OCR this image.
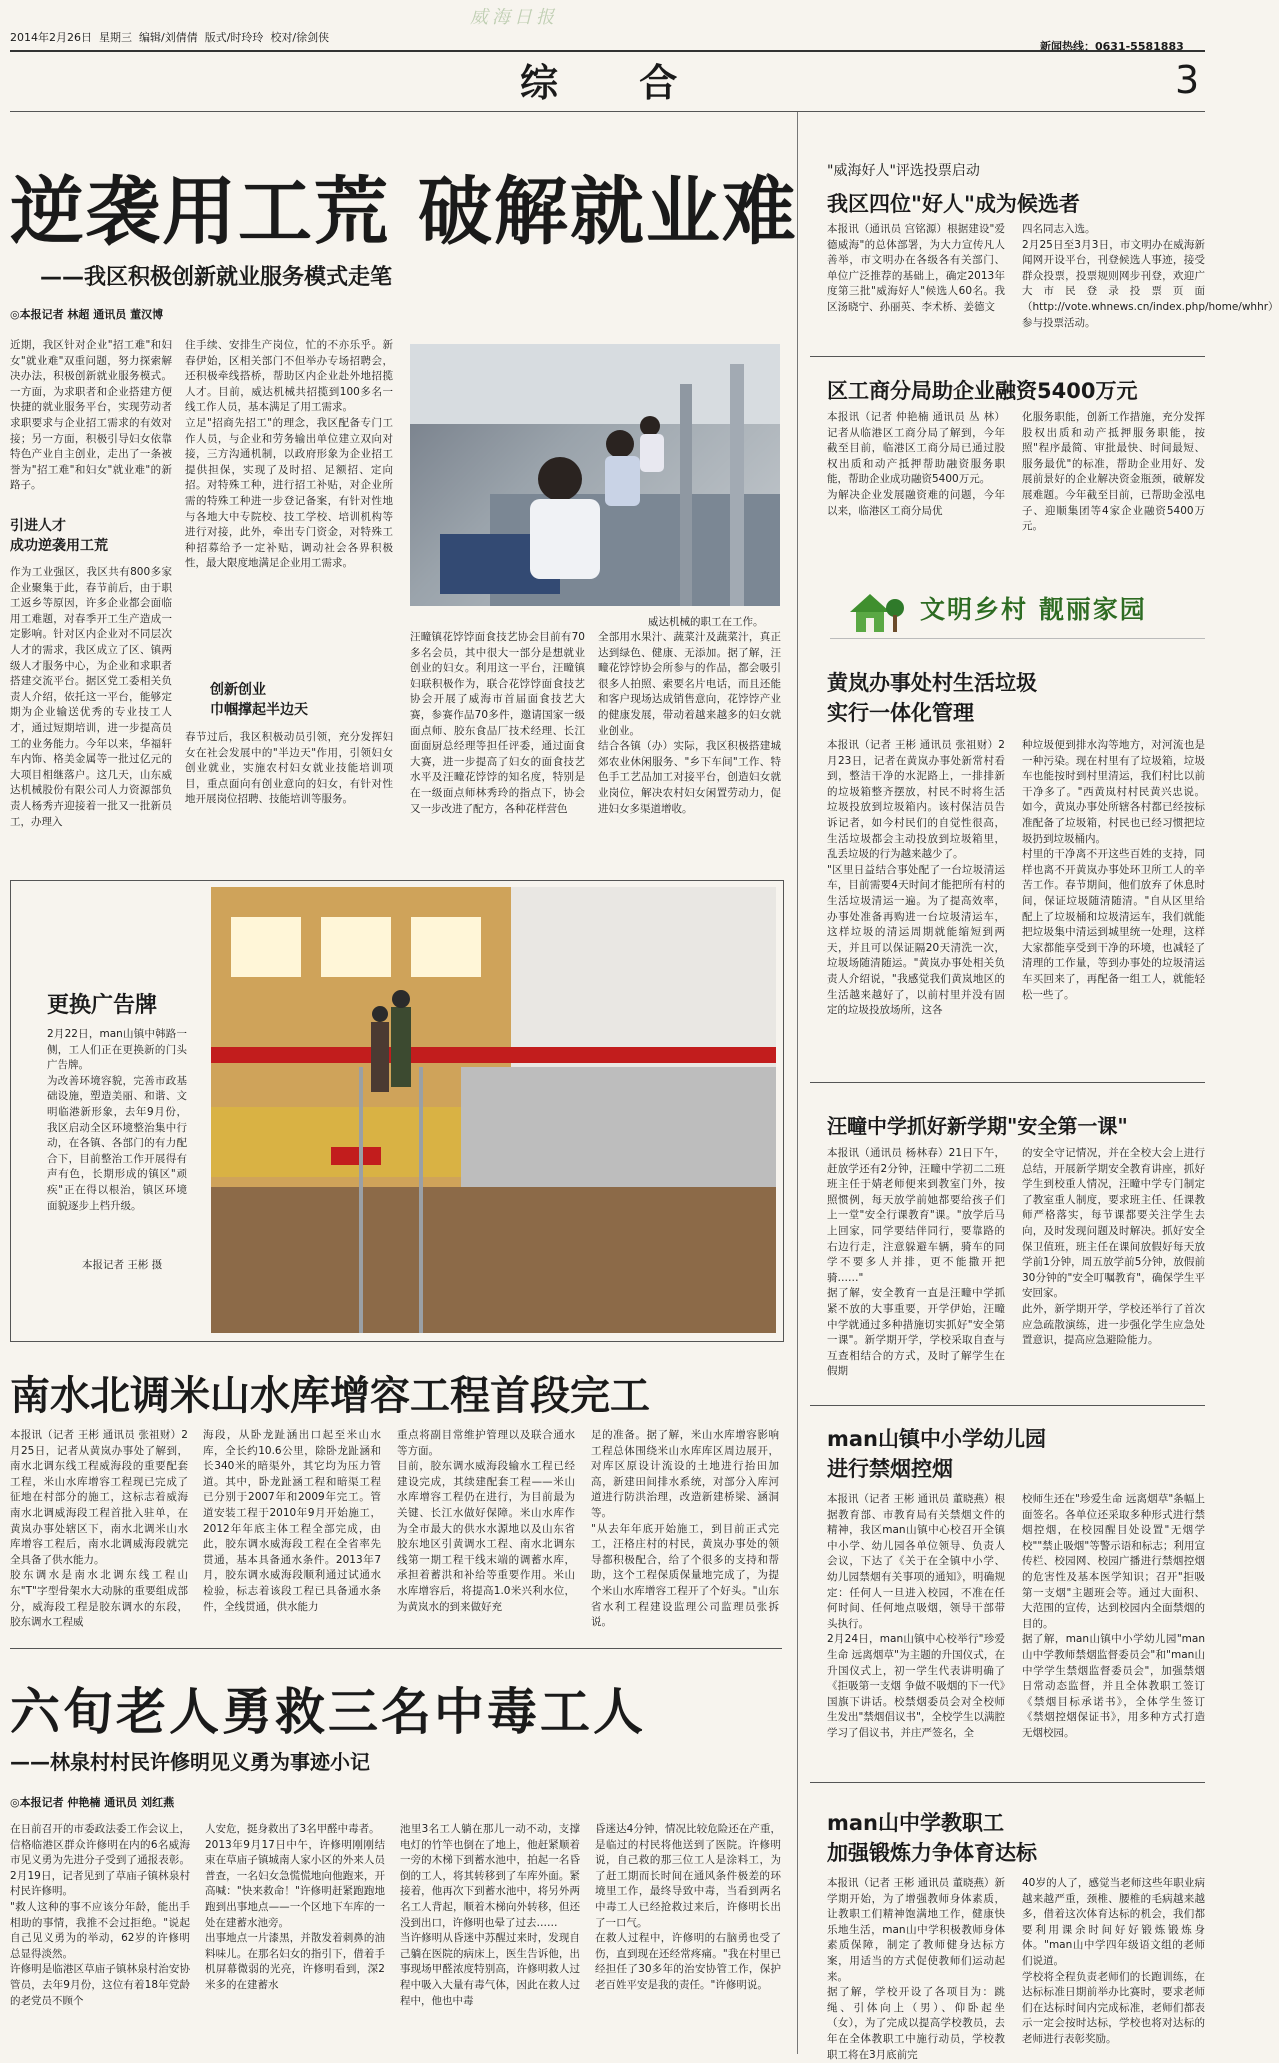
2014年2月26日 星期三 编辑/刘倩倩 版式/时玲玲 校对/徐剑侠
威海日报
综 合
新闻热线：0631-5581883
3
逆袭用工荒 破解就业难
——我区积极创新就业服务模式走笔
◎本报记者 林超 通讯员 董汉博
近期，我区针对企业"招工难"和妇女"就业难"双重问题，努力探索解决办法，积极创新就业服务模式。一方面，为求职者和企业搭建方便快捷的就业服务平台，实现劳动者求职要求与企业招工需求的有效对接；另一方面，积极引导妇女依靠特色产业自主创业，走出了一条被誉为"招工难"和妇女"就业难"的新路子。
引进人才
成功逆袭用工荒
作为工业强区，我区共有800多家企业聚集于此，春节前后，由于职工返乡等原因，许多企业都会面临用工难题，对春季开工生产造成一定影响。针对区内企业对不同层次人才的需求，我区成立了区、镇两级人才服务中心，为企业和求职者搭建交流平台。据区党工委相关负责人介绍，依托这一平台，能够定期为企业输送优秀的专业技工人才，通过短期培训，进一步提高员工的业务能力。今年以来，华福轩车内饰、格美金属等一批过亿元的大项目相继落户。这几天，山东威达机械股份有限公司人力资源部负责人杨秀卉迎接着一批又一批新员工，办理入
住手续、安排生产岗位，忙的不亦乐乎。新春伊始，区相关部门不但举办专场招聘会，还积极牵线搭桥，帮助区内企业赴外地招揽人才。目前，威达机械共招揽到100多名一线工作人员，基本满足了用工需求。
立足"招商先招工"的理念，我区配备专门工作人员，与企业和劳务输出单位建立双向对接，三方沟通机制，以政府形象为企业招工提供担保，实现了及时招、足额招、定向招。对特殊工种，进行招工补贴，对企业所需的特殊工种进一步登记备案，有针对性地与各地大中专院校、技工学校、培训机构等进行对接，此外，牵出专门资金，对特殊工种招募给予一定补贴，调动社会各界积极性，最大限度地满足企业用工需求。
创新创业
巾帼撑起半边天
春节过后，我区积极动员引领，充分发挥妇女在社会发展中的"半边天"作用，引领妇女创业就业，实施农村妇女就业技能培训项目，重点面向有创业意向的妇女，有针对性地开展岗位招聘、技能培训等服务。
威达机械的职工在工作。
汪疃镇花饽饽面食技艺协会目前有70多名会员，其中很大一部分是想就业创业的妇女。利用这一平台，汪疃镇妇联积极作为，联合花饽饽面食技艺协会开展了威海市首届面食技艺大赛，参赛作品70多件，邀请国家一级面点师、胶东食品厂技术经理、长江面面厨总经理等担任评委，通过面食大赛，进一步提高了妇女的面食技艺水平及汪疃花饽饽的知名度，特别是在一级面点师林秀玲的指点下，协会又一步改进了配方，各种花样营色
全部用水果汁、蔬菜汁及蔬菜汁，真正达到绿色、健康、无添加。据了解，汪疃花饽饽协会所参与的作品，都会吸引很多人拍照、索要名片电话，而且还能和客户现场达成销售意向，花饽饽产业的健康发展，带动着越来越多的妇女就业创业。
结合各镇（办）实际，我区积极搭建城郊农业休闲服务、"乡下车间"工作、特色手工艺品加工对接平台，创造妇女就业岗位，解决农村妇女闲置劳动力，促进妇女多渠道增收。
更换广告牌
2月22日，man山镇中韩路一侧，工人们正在更换新的门头广告牌。
为改善环境容貌，完善市政基础设施，塑造美丽、和谐、文明临港新形象，去年9月份，我区启动全区环境整治集中行动，在各镇、各部门的有力配合下，目前整治工作开展得有声有色，长期形成的镇区"顽疾"正在得以根治，镇区环境面貌逐步上档升级。
本报记者 王彬 摄
南水北调米山水库增容工程首段完工
本报讯（记者 王彬 通讯员 张祖财）2月25日，记者从黄岚办事处了解到，南水北调东线工程威海段的重要配套工程，米山水库增容工程现已完成了征地在村部分的施工，这标志着威海南水北调威海段工程首批入驻单，在黄岚办事处辖区下，南水北调米山水库增容工程后，南水北调威海段就完全具备了供水能力。
胶东调水是南水北调东线工程山东"T"字型骨架水大动脉的重要组成部分，威海段工程是胶东调水的东段，胶东调水工程威
海段，从卧龙趾涵出口起至米山水库，全长约10.6公里，除卧龙趾涵和长340米的暗渠外，其它均为压力管道。其中，卧龙趾涵工程和暗渠工程已分别于2007年和2009年完工。管道安装工程于2010年9月开始施工，2012年年底主体工程全部完成，由此，胶东调水威海段工程在全省率先贯通，基本具备通水条件。2013年7月，胶东调水威海段顺利通过试通水检验，标志着该段工程已具备通水条件，全线贯通，供水能力
重点将副目常维护管理以及联合通水等方面。
目前，胶东调水威海段输水工程已经建设完成，其续建配套工程——米山水库增容工程仍在进行，为目前最为关键、长江水做好保障。米山水库作为全市最大的供水水源地以及山东省胶东地区引黄调水工程、南水北调东线第一期工程干线末端的调蓄水库，承担着蓄洪和补给等重要作用。米山水库增容后，将提高1.0米兴利水位，为黄岚水的到来做好充
足的准备。据了解，米山水库增容影响工程总体围绕米山水库库区周边展开，对库区原设计流设的土地进行抬田加高，新建田间排水系统，对部分入库河道进行防洪治理，改造新建桥梁、涵洞等。
"从去年年底开始施工，到目前正式完工，汪格庄村的村民，黄岚办事处的领导都积极配合，给了个很多的支持和帮助，这个工程保质保量地完成了，为提个米山水库增容工程开了个好头。"山东省水利工程建设监理公司监理员张拆说。
六旬老人勇救三名中毒工人
——林泉村村民许修明见义勇为事迹小记
◎本报记者 仲艳楠 通讯员 刘红燕
在日前召开的市委政法委工作会议上，信格临港区群众许修明在内的6名威海市见义勇为先进分子受到了通报表彰。2月19日，记者见到了草庙子镇林泉村村民许修明。
"救人这种的事不应该分年龄，能出手相助的事情，我推不会过拒绝。"说起自己见义勇为的举动，62岁的许修明总显得淡然。
许修明是临港区草庙子镇林泉村治安协管员，去年9月份，这位有着18年党龄的老党员不顾个
人安危，挺身救出了3名甲醛中毒者。
2013年9月17日中午，许修明刚刚结束在草庙子镇城南人家小区的外来人员普查，一名妇女急慌慌地向他跑来，开高喊："快来救命！"许修明赶紧跑跑地跑到出事地点——一个区地下车库的一处在建蓄水池旁。
出事地点一片漆黑，并散发着刺鼻的油料味儿。在那名妇女的指引下，借着手机屏幕微弱的光亮，许修明看到，深2米多的在建蓄水
池里3名工人躺在那儿一动不动，支撑电灯的竹竿也倒在了地上，他赶紧顺着一旁的木梯下到蓄水池中，拍起一名昏倒的工人，将其转移到了车库外面。紧接着，他再次下到蓄水池中，将另外两名工人背起，顺着木梯向外转移，但还没到出口，许修明也晕了过去……
当许修明从昏迷中苏醒过来时，发现自己躺在医院的病床上，医生告诉他，出事现场甲醛浓度特别高，许修明救人过程中吸入大量有毒气体，因此在救人过程中，他也中毒
昏迷达4分钟，情况比较危险还在产重，是临过的村民将他送到了医院。许修明说，自己救的那三位工人是涂料工，为了赶工期而长时间在通风条件极差的环境里工作，最终导致中毒，当看到两名中毒工人已经抢救过来后，许修明长出了一口气。
在救人过程中，许修明的右脑勇也受了伤，直到现在还经常疼痛。"我在村里已经担任了30多年的治安协管工作，保护老百姓平安是我的责任。"许修明说。
"威海好人"评选投票启动
我区四位"好人"成为候选者
本报讯（通讯员 宫铭源）根据建设"爱德威海"的总体部署，为大力宣传凡人善举，市文明办在各级各有关部门、单位广泛推荐的基础上，确定2013年度第三批"威海好人"候选人60名。我区汤晓宁、孙丽英、李术桥、姜德文
四名同志入选。
2月25日至3月3日，市文明办在威海新闻网开设平台，刊登候选人事迹，接受群众投票，投票规则网步刊登，欢迎广大市民登录投票页面（http://vote.whnews.cn/index.php/home/whhr）参与投票活动。
区工商分局助企业融资5400万元
本报讯（记者 仲艳楠 通讯员 丛 林）记者从临港区工商分局了解到，今年截至目前，临港区工商分局已通过股权出质和动产抵押帮助融资服务职能，帮助企业成功融资5400万元。
为解决企业发展融资难的问题，今年以来，临港区工商分局优
化服务职能，创新工作措施，充分发挥股权出质和动产抵押服务职能，按照"程序最简、审批最快、时间最短、服务最优"的标准，帮助企业用好、发展前景好的企业解决资金瓶颈，破解发展难题。今年截至目前，已帮助金泓电子、迎顺集团等4家企业融资5400万元。
文明乡村 靓丽家园
黄岚办事处村生活垃圾
实行一体化管理
本报讯（记者 王彬 通讯员 张祖财）2月23日，记者在黄岚办事处新常村看到，整洁干净的水泥路上，一排排新的垃圾箱整齐摆放，村民不时将生活垃圾投放到垃圾箱内。该村保洁员告诉记者，如今村民们的自觉性很高，生活垃圾都会主动投放到垃圾箱里，乱丢垃圾的行为越来越少了。
"区里日益结合事处配了一台垃圾清运车，目前需要4天时间才能把所有村的生活垃圾清运一遍。为了提高效率，办事处准备再购进一台垃圾清运车，这样垃圾的清运周期就能缩短到两天，并且可以保证隔20天清洗一次，垃圾场随清随运。"黄岚办事处相关负责人介绍说，"我感觉我们黄岚地区的生活越来越好了，以前村里并没有固定的垃圾投放场所，这各
种垃圾便到排水沟等地方，对河流也是一种污染。现在村里有了垃圾箱，垃圾车也能按时到村里清运，我们村比以前干净多了。"西黄岚村村民黄兴忠说。如今，黄岚办事处所辖各村都已经按标准配备了垃圾箱，村民也已经习惯把垃圾扔到垃圾桶内。
村里的干净离不开这些百姓的支持，同样也离不开黄岚办事处环卫所工人的辛苦工作。春节期间，他们放弃了休息时间，保证垃圾随清随清。"自从区里给配上了垃圾桶和垃圾清运车，我们就能把垃圾集中清运到城里统一处理，这样大家都能享受到干净的环境，也减轻了清理的工作量，等到办事处的垃圾清运车买回来了，再配备一组工人，就能轻松一些了。
汪疃中学抓好新学期"安全第一课"
本报讯（通讯员 杨林春）21日下午，赶放学还有2分钟，汪疃中学初二二班班主任于婧老师便来到教室门外，按照惯例，每天放学前她都要给孩子们上一堂"安全行课教育"课。"放学后马上回家，同学要结伴同行，要靠路的右边行走，注意躲避车辆，骑车的同学不要多人并排，更不能撒开把骑……"
据了解，安全教育一直是汪疃中学抓紧不放的大事重要，开学伊始，汪疃中学就通过多种措施切实抓好"安全第一课"。新学期开学，学校采取自查与互查相结合的方式，及时了解学生在假期
的安全守记情况，并在全校大会上进行总结，开展新学期安全教育讲座，抓好学生到校重人情况，汪疃中学专门制定了教室重人制度，要求班主任、任课教师严格落实，每节课都要关注学生去向，及时发现问题及时解决。抓好安全保卫值班，班主任在课间放假好每天放学前1分钟，周五放学前5分钟，放假前30分钟的"安全叮嘱教育"，确保学生平安回家。
此外，新学期开学，学校还举行了首次应急疏散演练，进一步强化学生应急处置意识，提高应急避险能力。
man山镇中小学幼儿园
进行禁烟控烟
本报讯（记者 王彬 通讯员 董晓燕）根据教育部、市教育局有关禁烟文件的精神，我区man山镇中心校召开全镇中小学、幼儿园各单位领导、负责人会议，下达了《关于在全镇中小学、幼儿园禁烟有关事项的通知》，明确规定：任何人一旦进入校园，不准在任何时间、任何地点吸烟，领导干部带头执行。
2月24日，man山镇中心校举行"珍爱生命 远离烟草"为主题的升国仪式，在升国仪式上，初一学生代表讲明确了《拒吸第一支烟 争做不吸烟的下一代》国旗下讲话。校禁烟委员会对全校师生发出"禁烟倡议书"，全校学生以满腔学习了倡议书，并庄严签名，全
校师生还在"珍爱生命 远离烟草"条幅上面签名。各单位还采取多种形式进行禁烟控烟，在校园醒目处设置"无烟学校""禁止吸烟"等警示语和标志；利用宣传栏、校园网、校园广播进行禁烟控烟的危害性及基本医学知识；召开"拒吸第一支烟"主题班会等。通过大面积、大范围的宣传，达到校园内全面禁烟的目的。
据了解，man山镇中小学幼儿园"man山中学教师禁烟监督委员会"和"man山中学学生禁烟监督委员会"，加强禁烟日常动态监督，并且全体教职工签订《禁烟目标承诺书》，全体学生签订《禁烟控烟保证书》，用多种方式打造无烟校园。
man山中学教职工
加强锻炼力争体育达标
本报讯（记者 王彬 通讯员 董晓燕）新学期开始，为了增强教师身体素质，让教职工们精神饱满地工作，健康快乐地生活，man山中学积极教师身体素质保障，制定了教师健身达标方案，用适当的方式促使教师们运动起来。
据了解，学校开设了各项目为：跳绳、引体向上（男）、仰卧起坐（女），为了完成以提高学校教员，去年在全体教职工中施行动员，学校教职工将在3月底前完
40岁的人了，感觉当老师这些年职业病越来越严重，颈椎、腰椎的毛病越来越多，借着这次体育达标的机会，我们都要利用课余时间好好锻炼锻炼身体。"man山中学四年级语文组的老师们说道。
学校将全程负责老师们的长跑训练，在达标标准日期前举办比赛时，要求老师们在达标时间内完成标准，老师们都表示一定会按时达标，学校也将对达标的老师进行表彰奖励。
